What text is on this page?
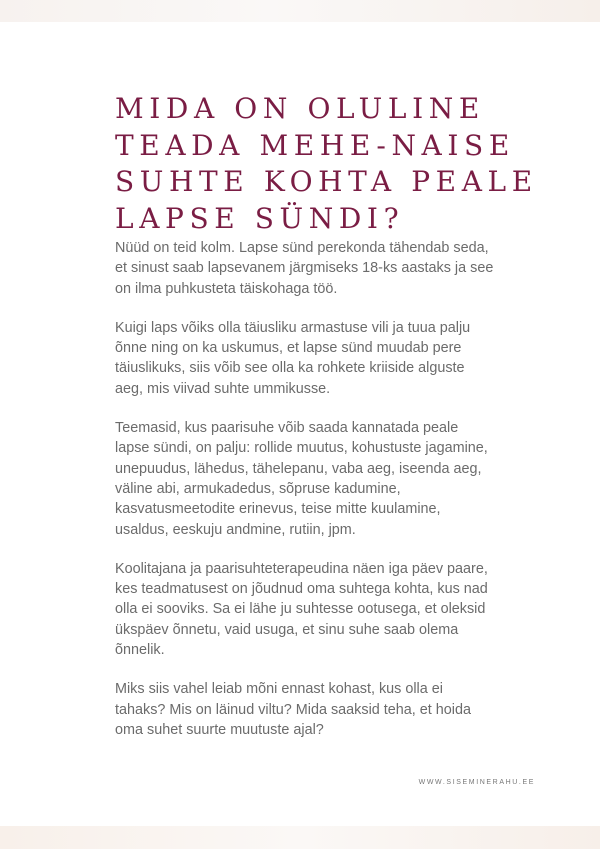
MIDA ON OLULINE
TEADA MEHE-NAISE
SUHTE KOHTA PEALE
LAPSE SÜNDI?

Nüüd on teid kolm. Lapse sünd perekonda tähendab seda, et sinust saab lapsevanem järgmiseks 18-ks aastaks ja see on ilma puhkusteta täiskohaga töö.

Kuigi laps võiks olla täiusliku armastuse vili ja tuua palju õnne ning on ka uskumus, et lapse sünd muudab pere täiuslikuks, siis võib see olla ka rohkete kriiside alguste aeg, mis viivad suhte ummikusse.

Teemasid, kus paarisuhe võib saada kannatada peale lapse sündi, on palju: rollide muutus, kohustuste jagamine, unepuudus, lähedus, tähelepanu, vaba aeg, iseenda aeg, väline abi, armukadedus, sõpruse kadumine, kasvatusmeetodite erinevus, teise mitte kuulamine, usaldus, eeskuju andmine, rutiin, jpm.

Koolitajana ja paarisuhteterapeudina näen iga päev paare, kes teadmatusest on jõudnud oma suhtega kohta, kus nad olla ei sooviks. Sa ei lähe ju suhtesse ootusega, et oleksid ükspäev õnnetu, vaid usuga, et sinu suhe saab olema õnnelik.

Miks siis vahel leiab mõni ennast kohast, kus olla ei tahaks? Mis on läinud viltu? Mida saaksid teha, et hoida oma suhet suurte muutuste ajal?

WWW.SISEMINERAHU.EE
